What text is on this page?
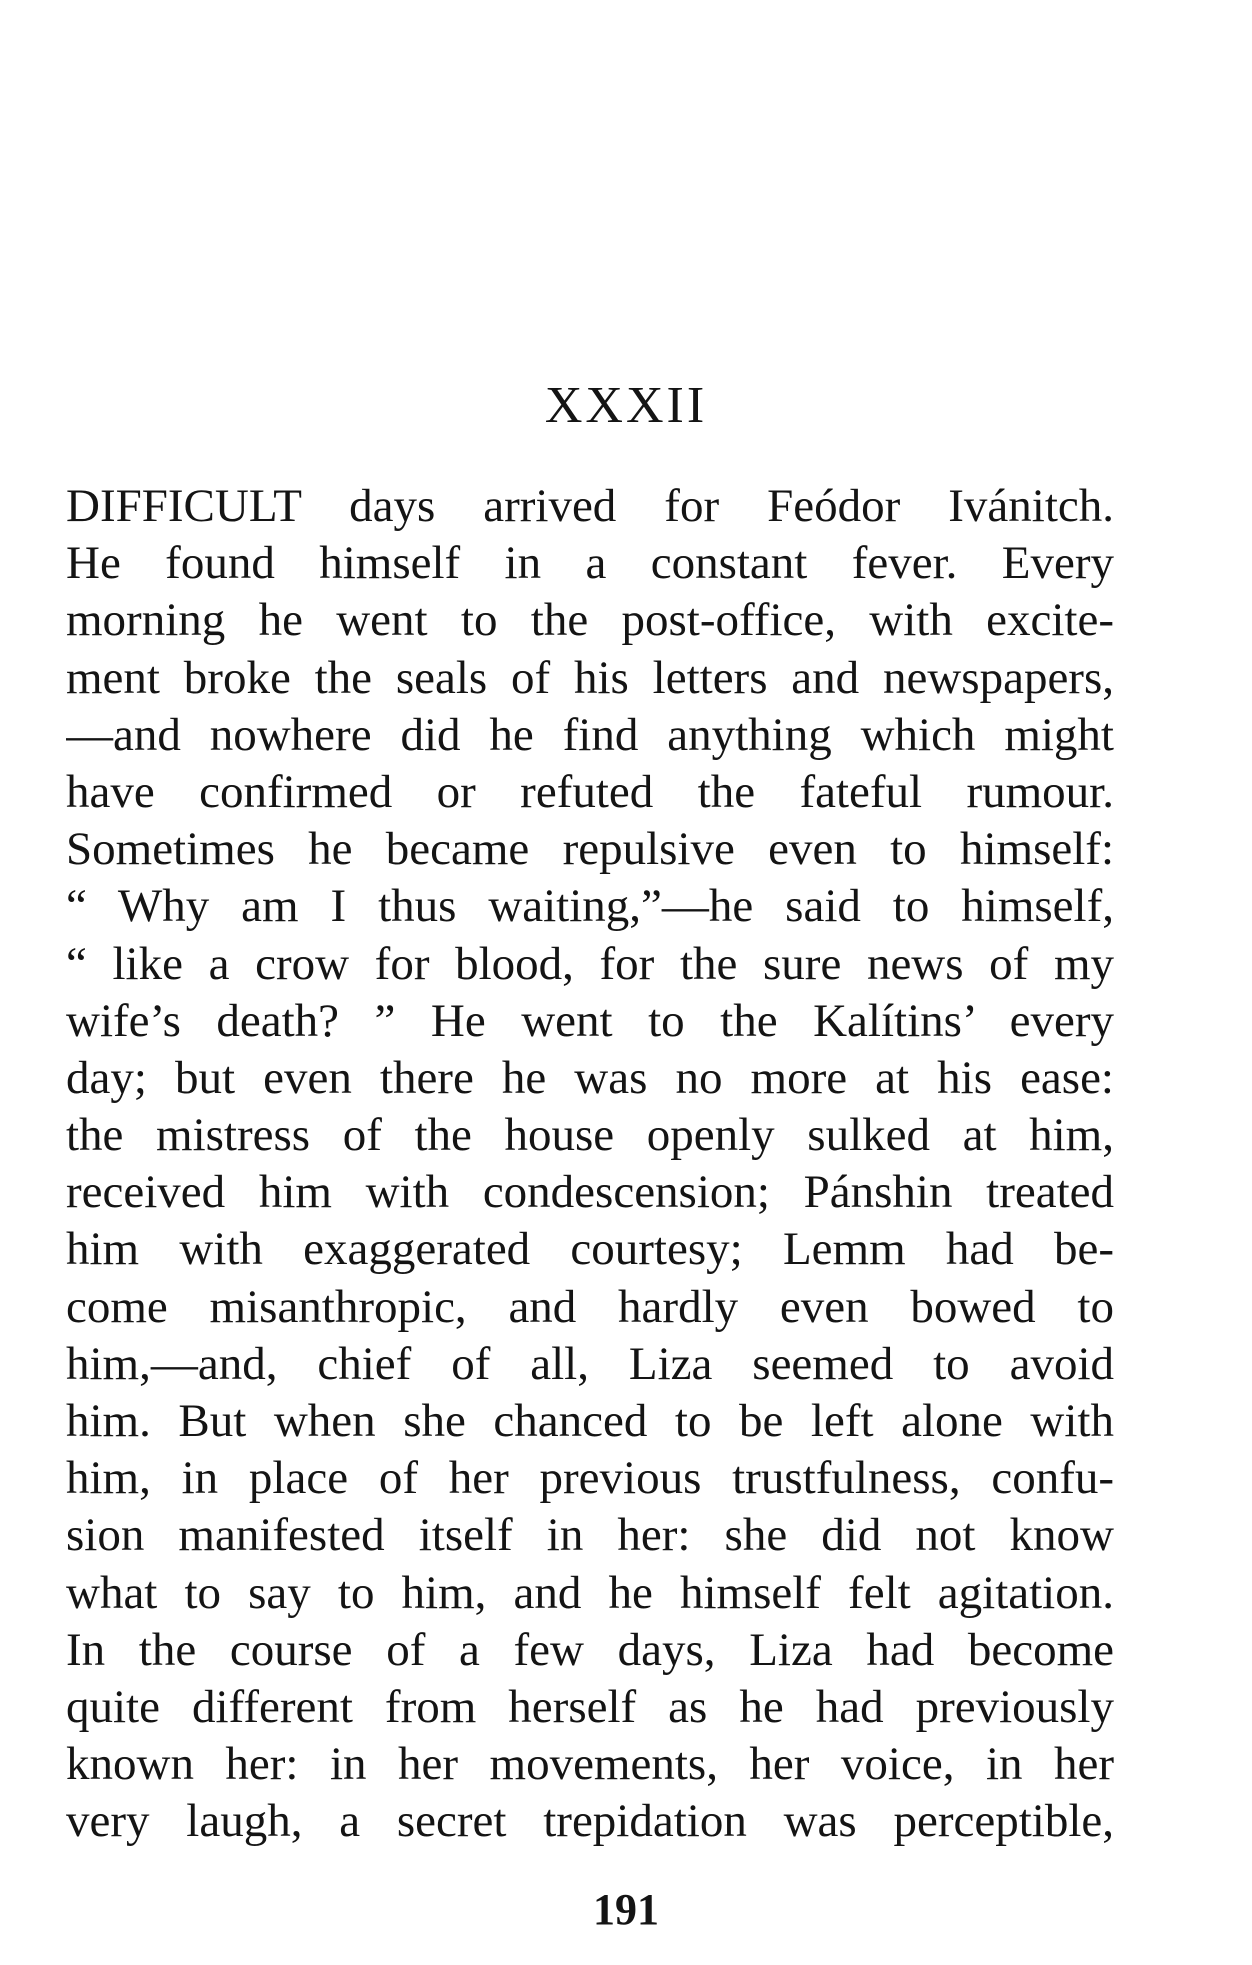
XXXII
DIFFICULT days arrived for Feódor Ivánitch.
He found himself in a constant fever. Every
morning he went to the post-office, with excite-
ment broke the seals of his letters and newspapers,
—and nowhere did he find anything which might
have confirmed or refuted the fateful rumour.
Sometimes he became repulsive even to himself:
“ Why am I thus waiting,”—he said to himself,
“ like a crow for blood, for the sure news of my
wife’s death? ” He went to the Kalítins’ every
day; but even there he was no more at his ease:
the mistress of the house openly sulked at him,
received him with condescension; Pánshin treated
him with exaggerated courtesy; Lemm had be-
come misanthropic, and hardly even bowed to
him,—and, chief of all, Liza seemed to avoid
him. But when she chanced to be left alone with
him, in place of her previous trustfulness, confu-
sion manifested itself in her: she did not know
what to say to him, and he himself felt agitation.
In the course of a few days, Liza had become
quite different from herself as he had previously
known her: in her movements, her voice, in her
very laugh, a secret trepidation was perceptible,
191
